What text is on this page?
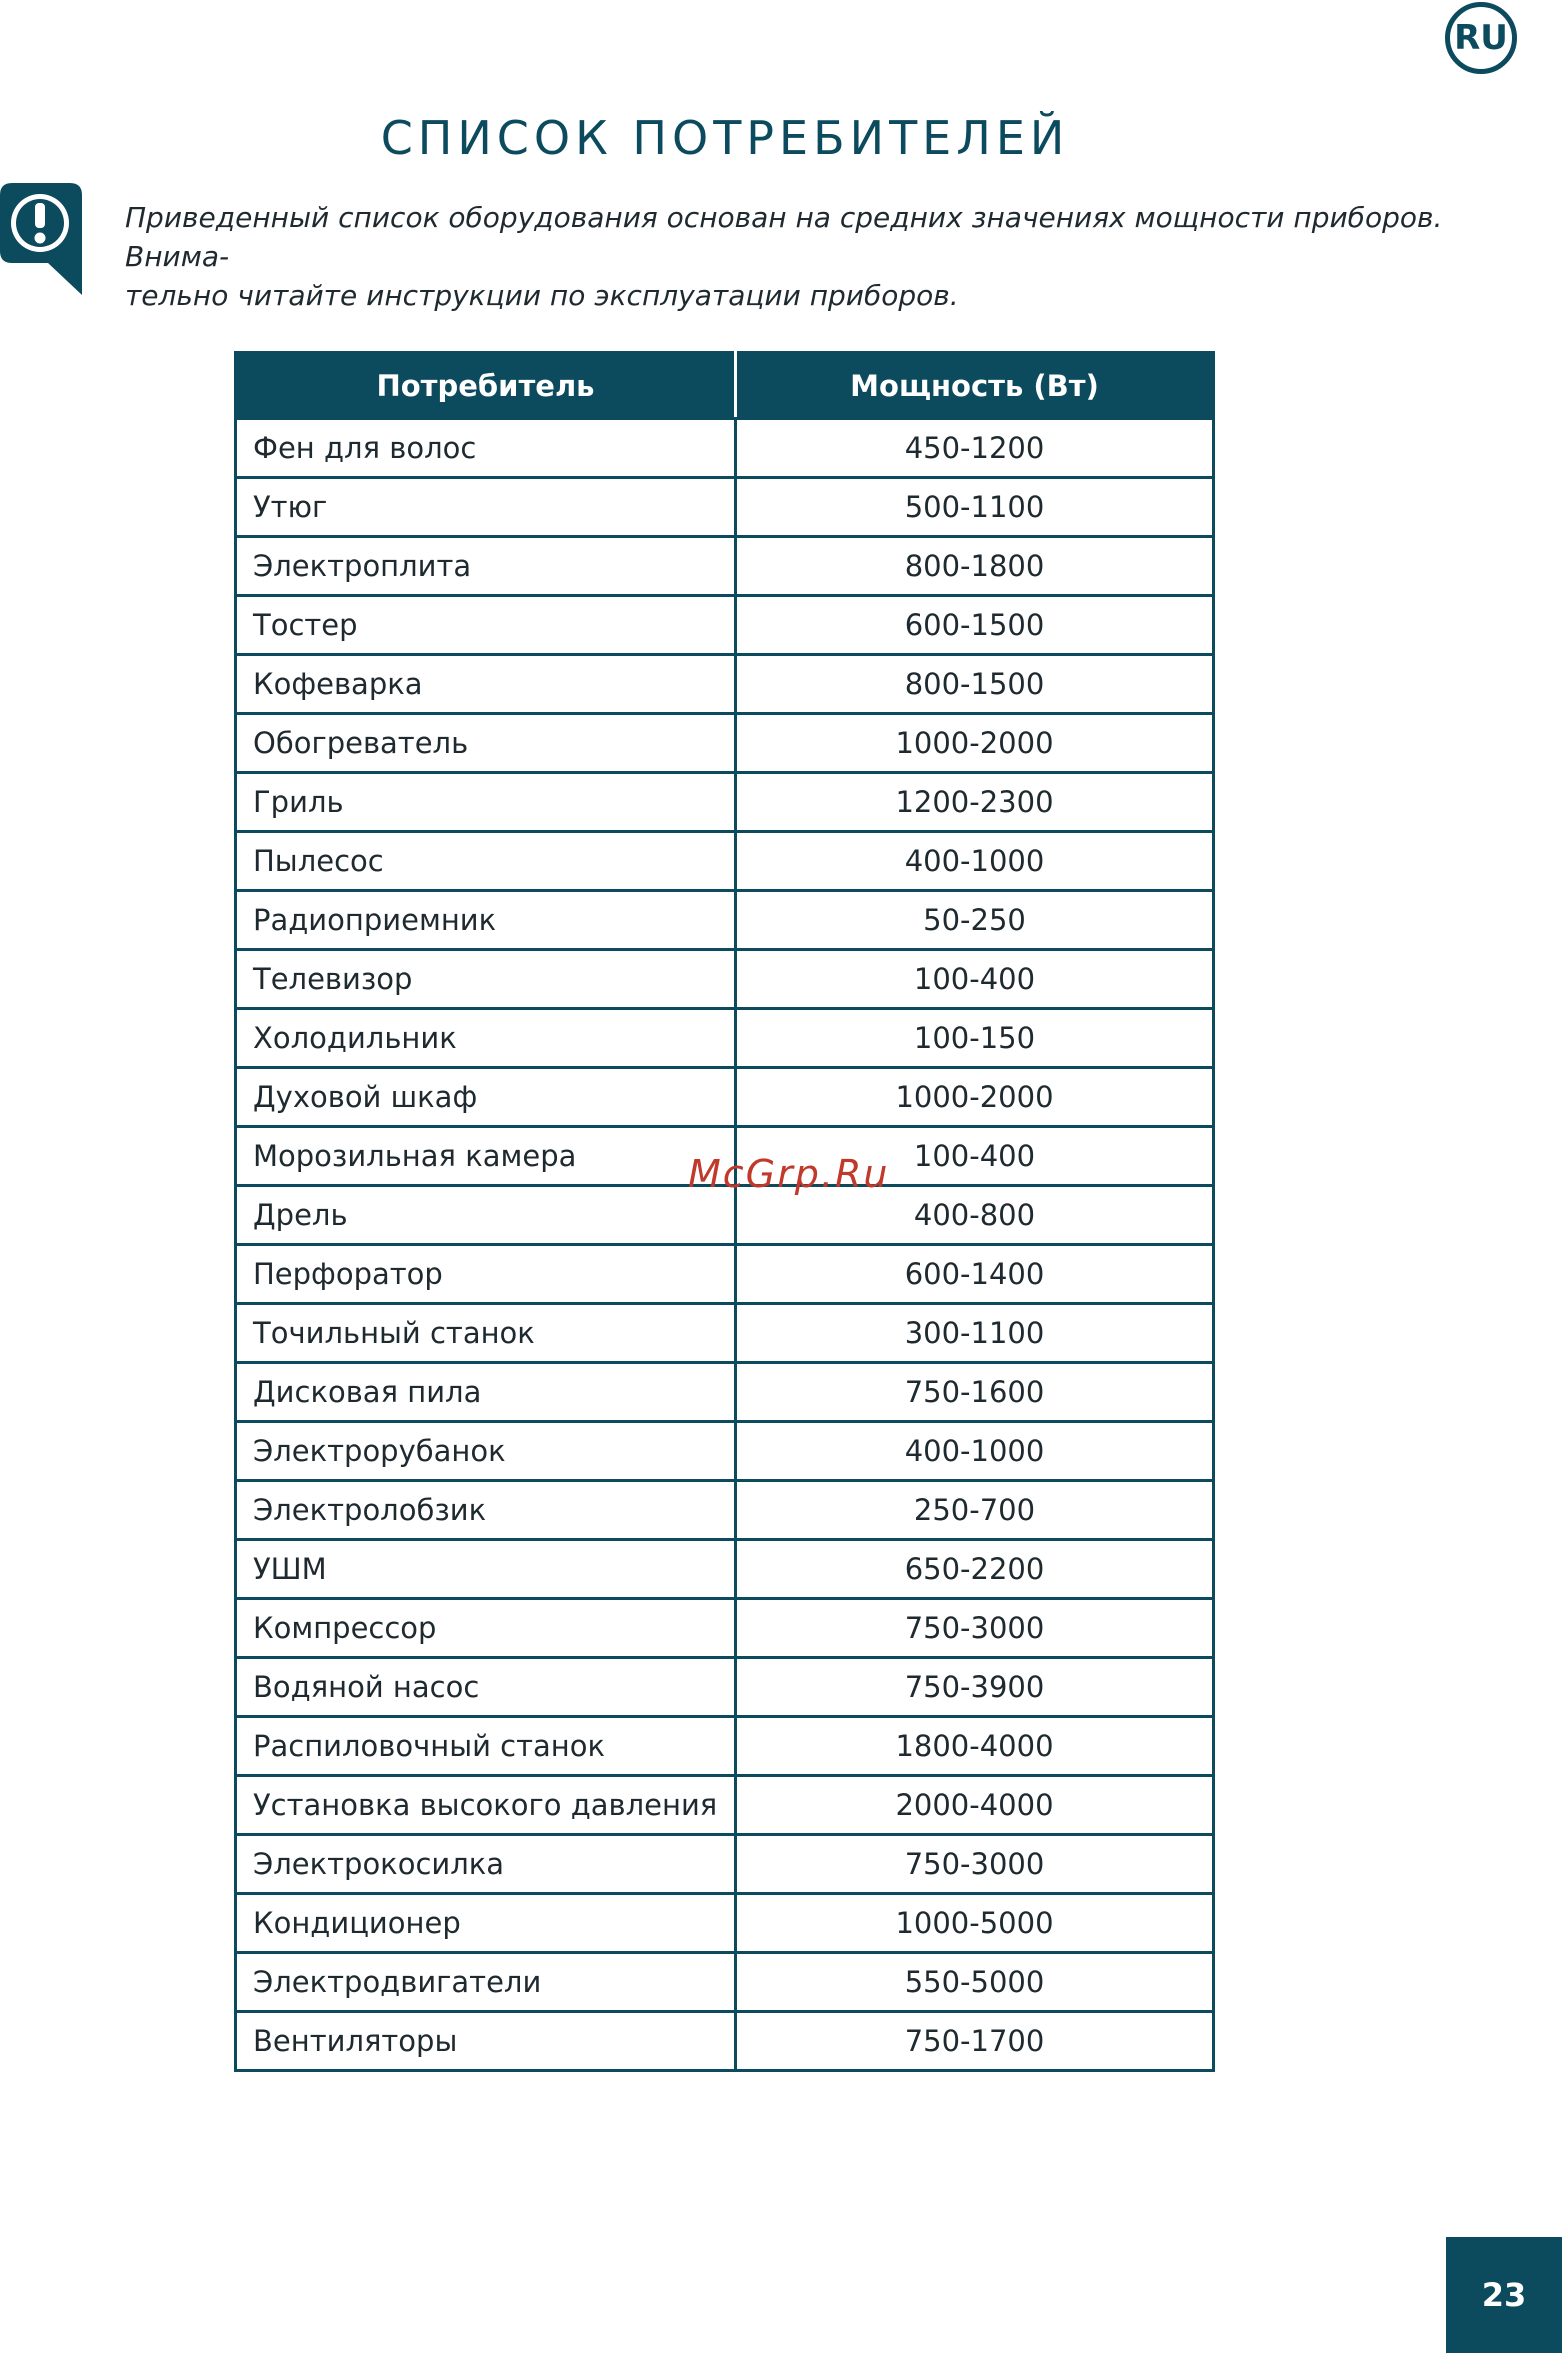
RU
СПИСОК ПОТРЕБИТЕЛЕЙ
Приведенный список оборудования основан на средних значениях мощности приборов. Внима-
тельно читайте инструкции по эксплуатации приборов.
Потребитель	Мощность (Вт)
Фен для волос	450-1200
Утюг	500-1100
Электроплита	800-1800
Тостер	600-1500
Кофеварка	800-1500
Обогреватель	1000-2000
Гриль	1200-2300
Пылесос	400-1000
Радиоприемник	50-250
Телевизор	100-400
Холодильник	100-150
Духовой шкаф	1000-2000
Морозильная камера	100-400
Дрель	400-800
Перфоратор	600-1400
Точильный станок	300-1100
Дисковая пила	750-1600
Электрорубанок	400-1000
Электролобзик	250-700
УШМ	650-2200
Компрессор	750-3000
Водяной насос	750-3900
Распиловочный станок	1800-4000
Установка высокого давления	2000-4000
Электрокосилка	750-3000
Кондиционер	1000-5000
Электродвигатели	550-5000
Вентиляторы	750-1700
McGrp.Ru
23
